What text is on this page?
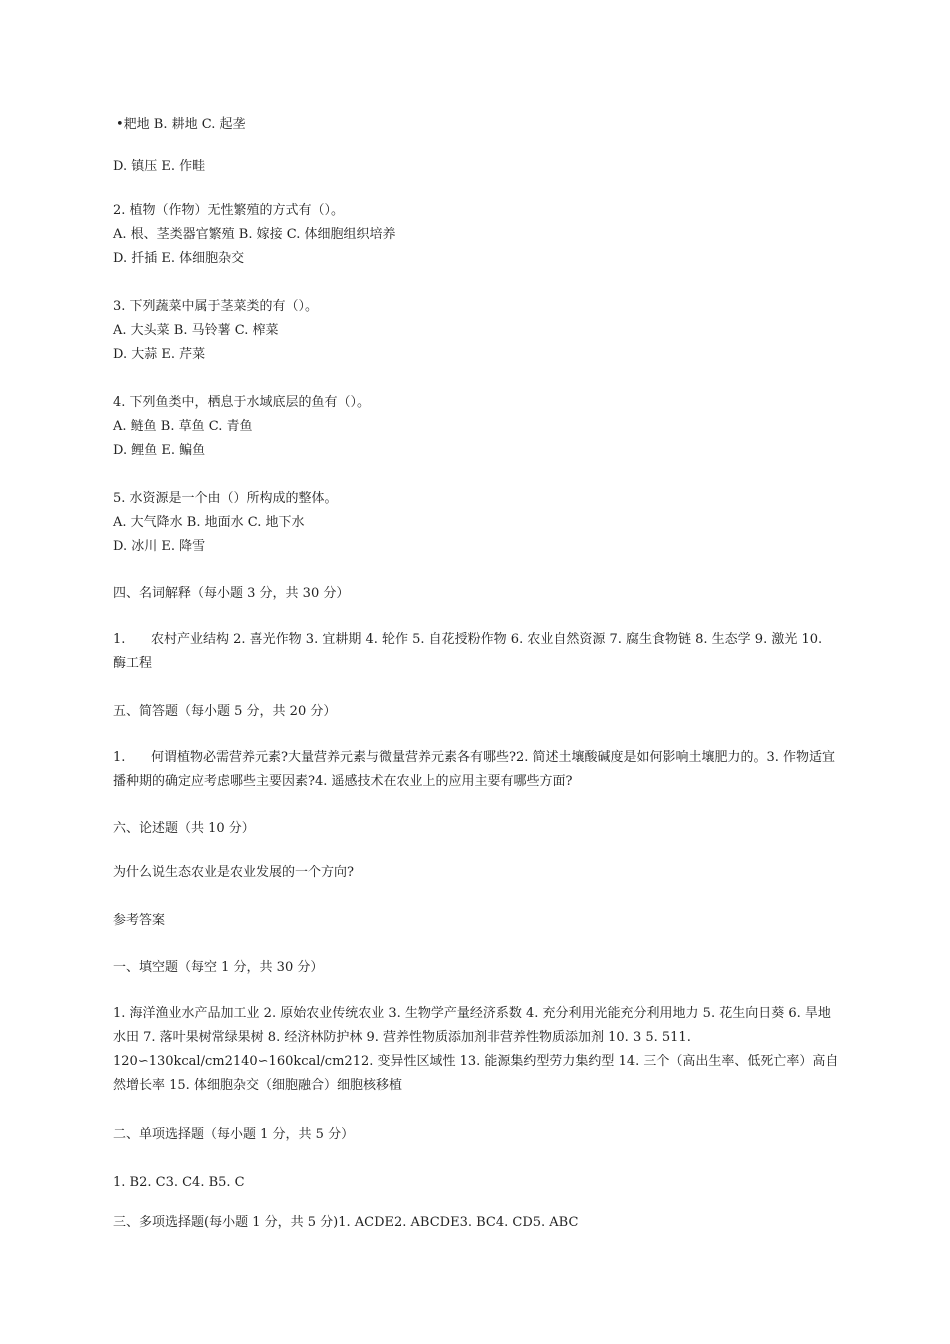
•耙地 B. 耕地 C. 起垄
D. 镇压 E. 作畦
2. 植物（作物）无性繁殖的方式有（）。
A. 根、茎类器官繁殖 B. 嫁接 C. 体细胞组织培养
D. 扦插 E. 体细胞杂交
3. 下列蔬菜中属于茎菜类的有（）。
A. 大头菜 B. 马铃薯 C. 榨菜
D. 大蒜 E. 芹菜
4. 下列鱼类中，栖息于水域底层的鱼有（）。
A. 鲢鱼 B. 草鱼 C. 青鱼
D. 鲤鱼 E. 鳊鱼
5. 水资源是一个由（）所构成的整体。
A. 大气降水 B. 地面水 C. 地下水
D. 冰川 E. 降雪
四、名词解释（每小题 3 分，共 30 分）
1. 农村产业结构 2. 喜光作物 3. 宜耕期 4. 轮作 5. 自花授粉作物 6. 农业自然资源 7. 腐生食物链 8. 生态学 9. 激光 10. 酶工程
五、简答题（每小题 5 分，共 20 分）
1. 何谓植物必需营养元素?大量营养元素与微量营养元素各有哪些?2. 简述土壤酸碱度是如何影响土壤肥力的。3. 作物适宜播种期的确定应考虑哪些主要因素?4. 遥感技术在农业上的应用主要有哪些方面?
六、论述题（共 10 分）
为什么说生态农业是农业发展的一个方向?
参考答案
一、填空题（每空 1 分，共 30 分）
1. 海洋渔业水产品加工业 2. 原始农业传统农业 3. 生物学产量经济系数 4. 充分利用光能充分利用地力 5. 花生向日葵 6. 旱地水田 7. 落叶果树常绿果树 8. 经济林防护林 9. 营养性物质添加剂非营养性物质添加剂 10. 3 5. 511. 120∽130kcal/cm2140∽160kcal/cm212. 变异性区域性 13. 能源集约型劳力集约型 14. 三个（高出生率、低死亡率）高自然增长率 15. 体细胞杂交（细胞融合）细胞核移植
二、单项选择题（每小题 1 分，共 5 分）
1. B2. C3. C4. B5. C
三、多项选择题(每小题 1 分，共 5 分)1. ACDE2. ABCDE3. BC4. CD5. ABC
